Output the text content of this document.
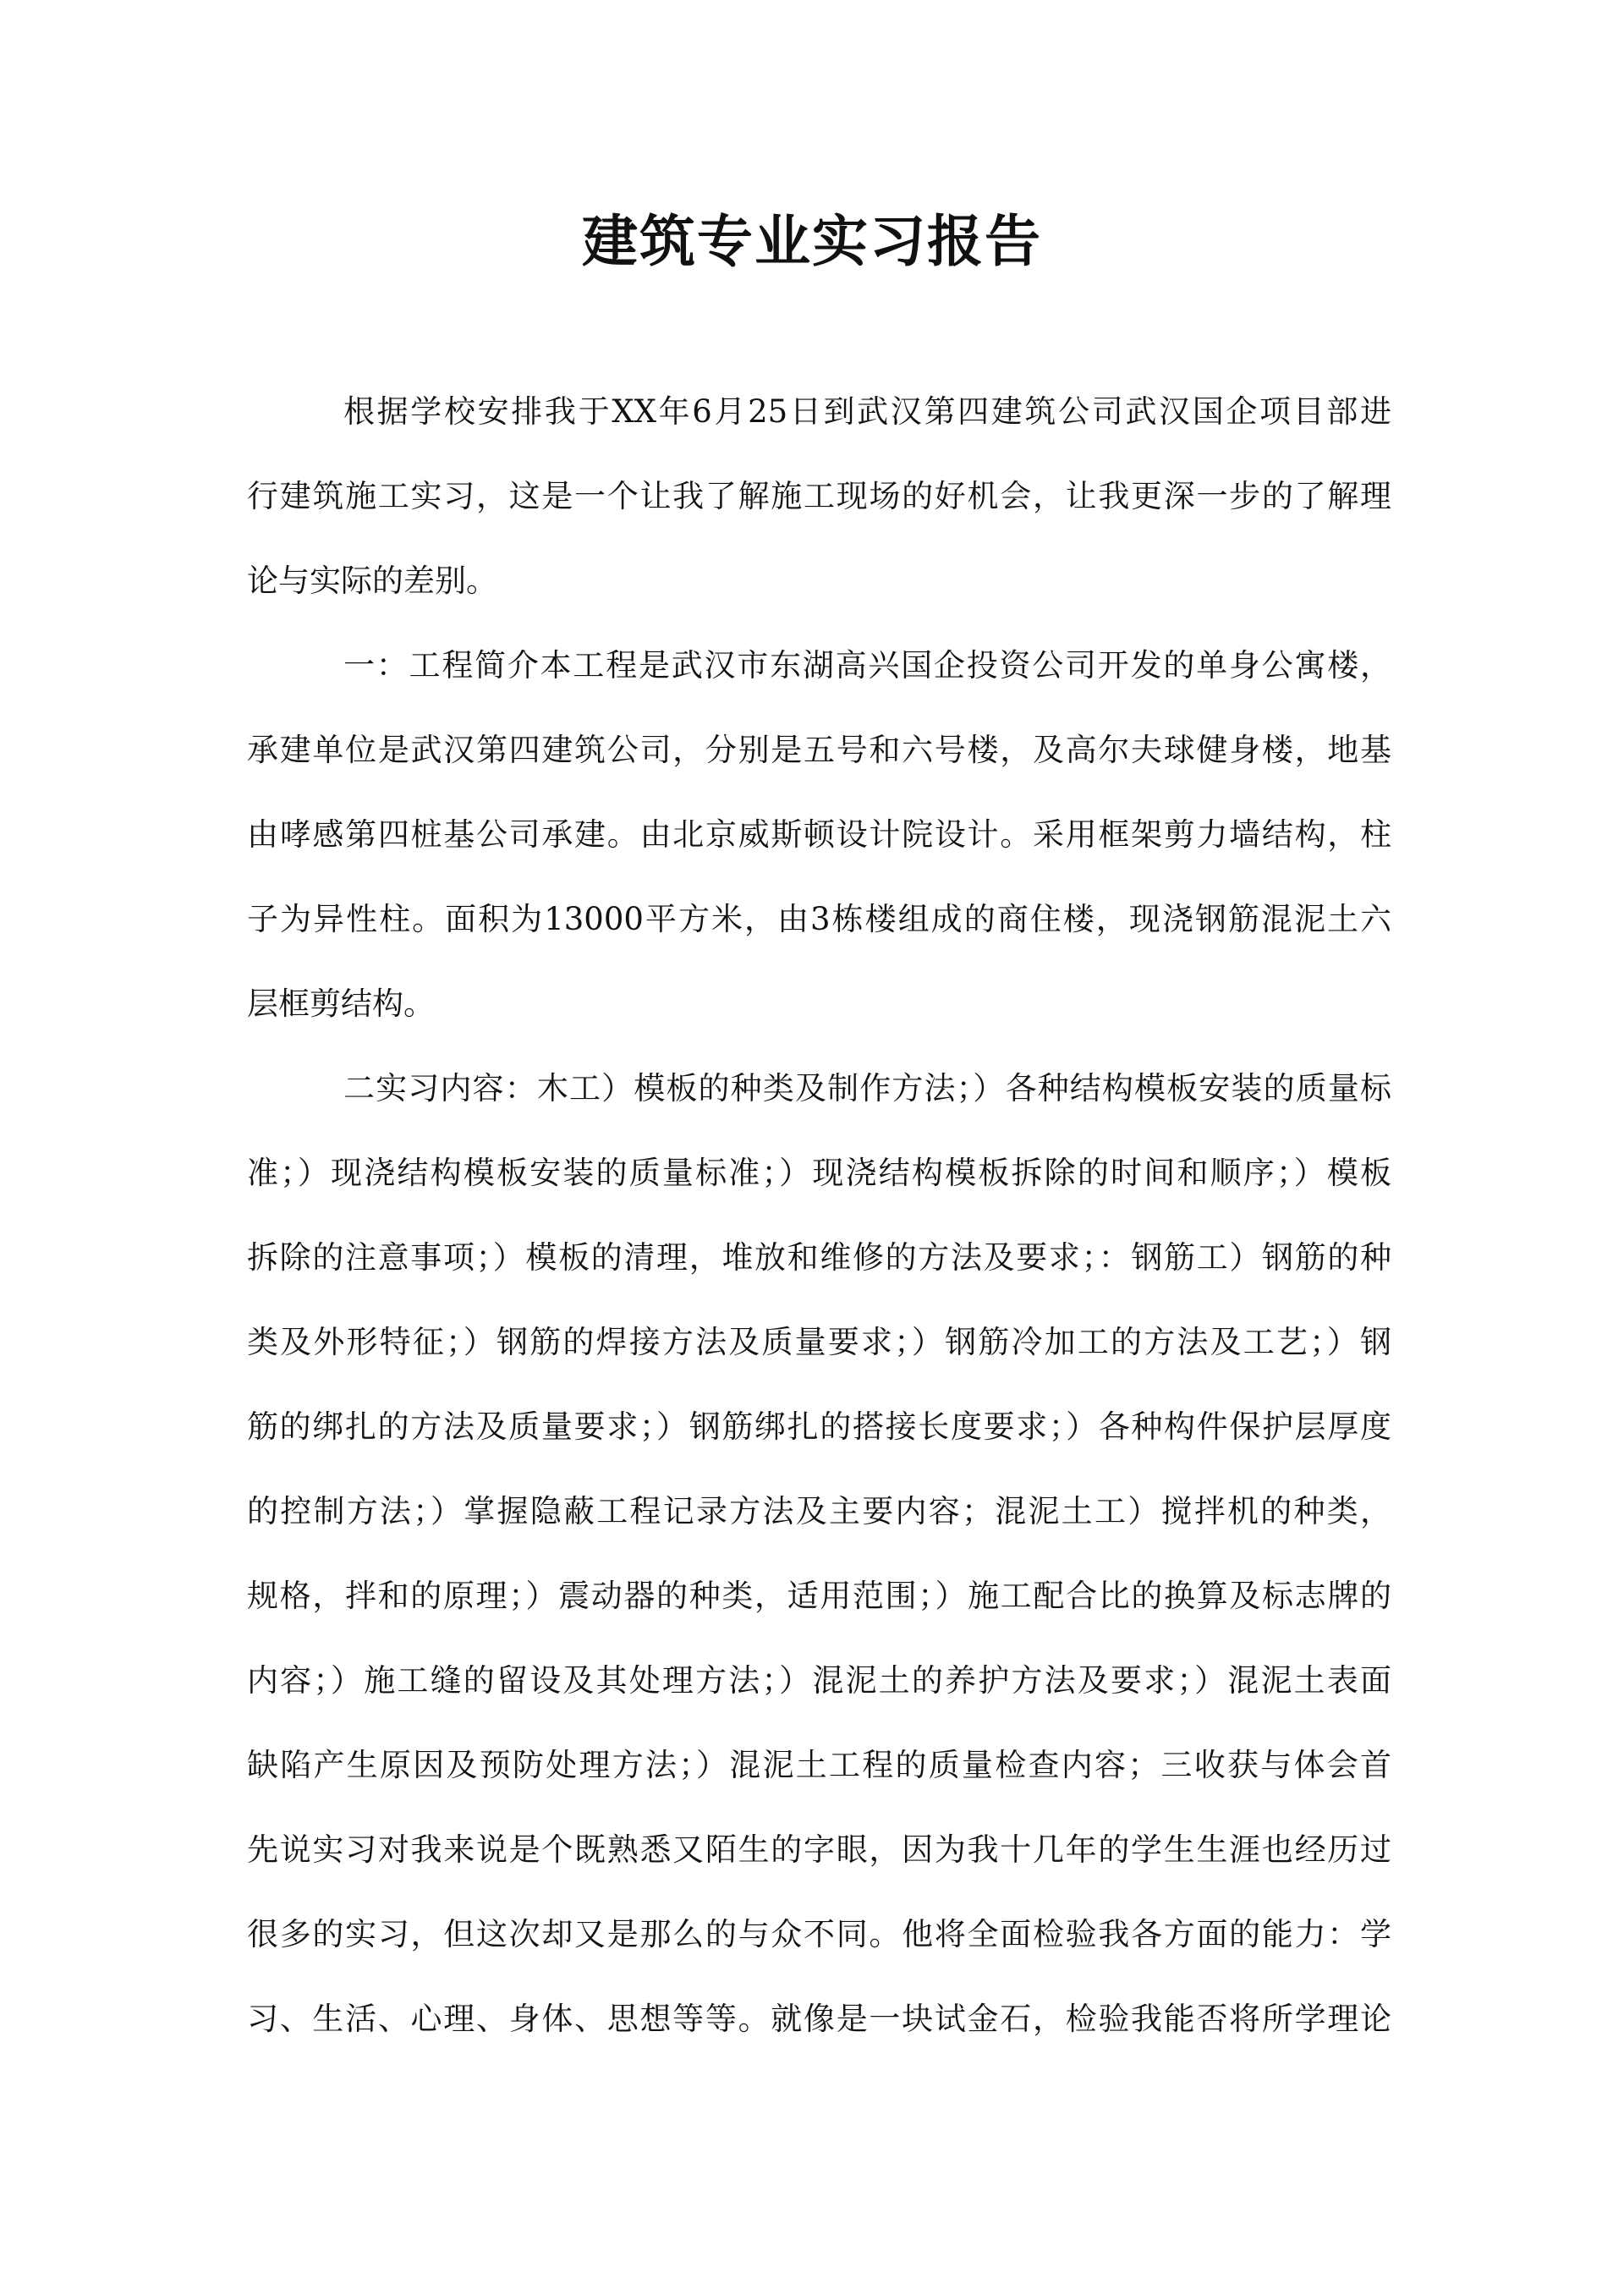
建筑专业实习报告
根据学校安排我于XX年6月25日到武汉第四建筑公司武汉国企项目部进
行建筑施工实习，这是一个让我了解施工现场的好机会，让我更深一步的了解理
论与实际的差别。
一：工程简介本工程是武汉市东湖高兴国企投资公司开发的单身公寓楼，
承建单位是武汉第四建筑公司，分别是五号和六号楼，及高尔夫球健身楼，地基
由哮感第四桩基公司承建。由北京威斯顿设计院设计。采用框架剪力墙结构，柱
子为异性柱。面积为13000平方米，由3栋楼组成的商住楼，现浇钢筋混泥土六
层框剪结构。
二实习内容：木工）模板的种类及制作方法；）各种结构模板安装的质量标
准；）现浇结构模板安装的质量标准；）现浇结构模板拆除的时间和顺序；）模板
拆除的注意事项；）模板的清理，堆放和维修的方法及要求；：钢筋工）钢筋的种
类及外形特征；）钢筋的焊接方法及质量要求；）钢筋冷加工的方法及工艺；）钢
筋的绑扎的方法及质量要求；）钢筋绑扎的搭接长度要求；）各种构件保护层厚度
的控制方法；）掌握隐蔽工程记录方法及主要内容；混泥土工）搅拌机的种类，
规格，拌和的原理；）震动器的种类，适用范围；）施工配合比的换算及标志牌的
内容；）施工缝的留设及其处理方法；）混泥土的养护方法及要求；）混泥土表面
缺陷产生原因及预防处理方法；）混泥土工程的质量检查内容；三收获与体会首
先说实习对我来说是个既熟悉又陌生的字眼，因为我十几年的学生生涯也经历过
很多的实习，但这次却又是那么的与众不同。他将全面检验我各方面的能力：学
习、生活、心理、身体、思想等等。就像是一块试金石，检验我能否将所学理论
